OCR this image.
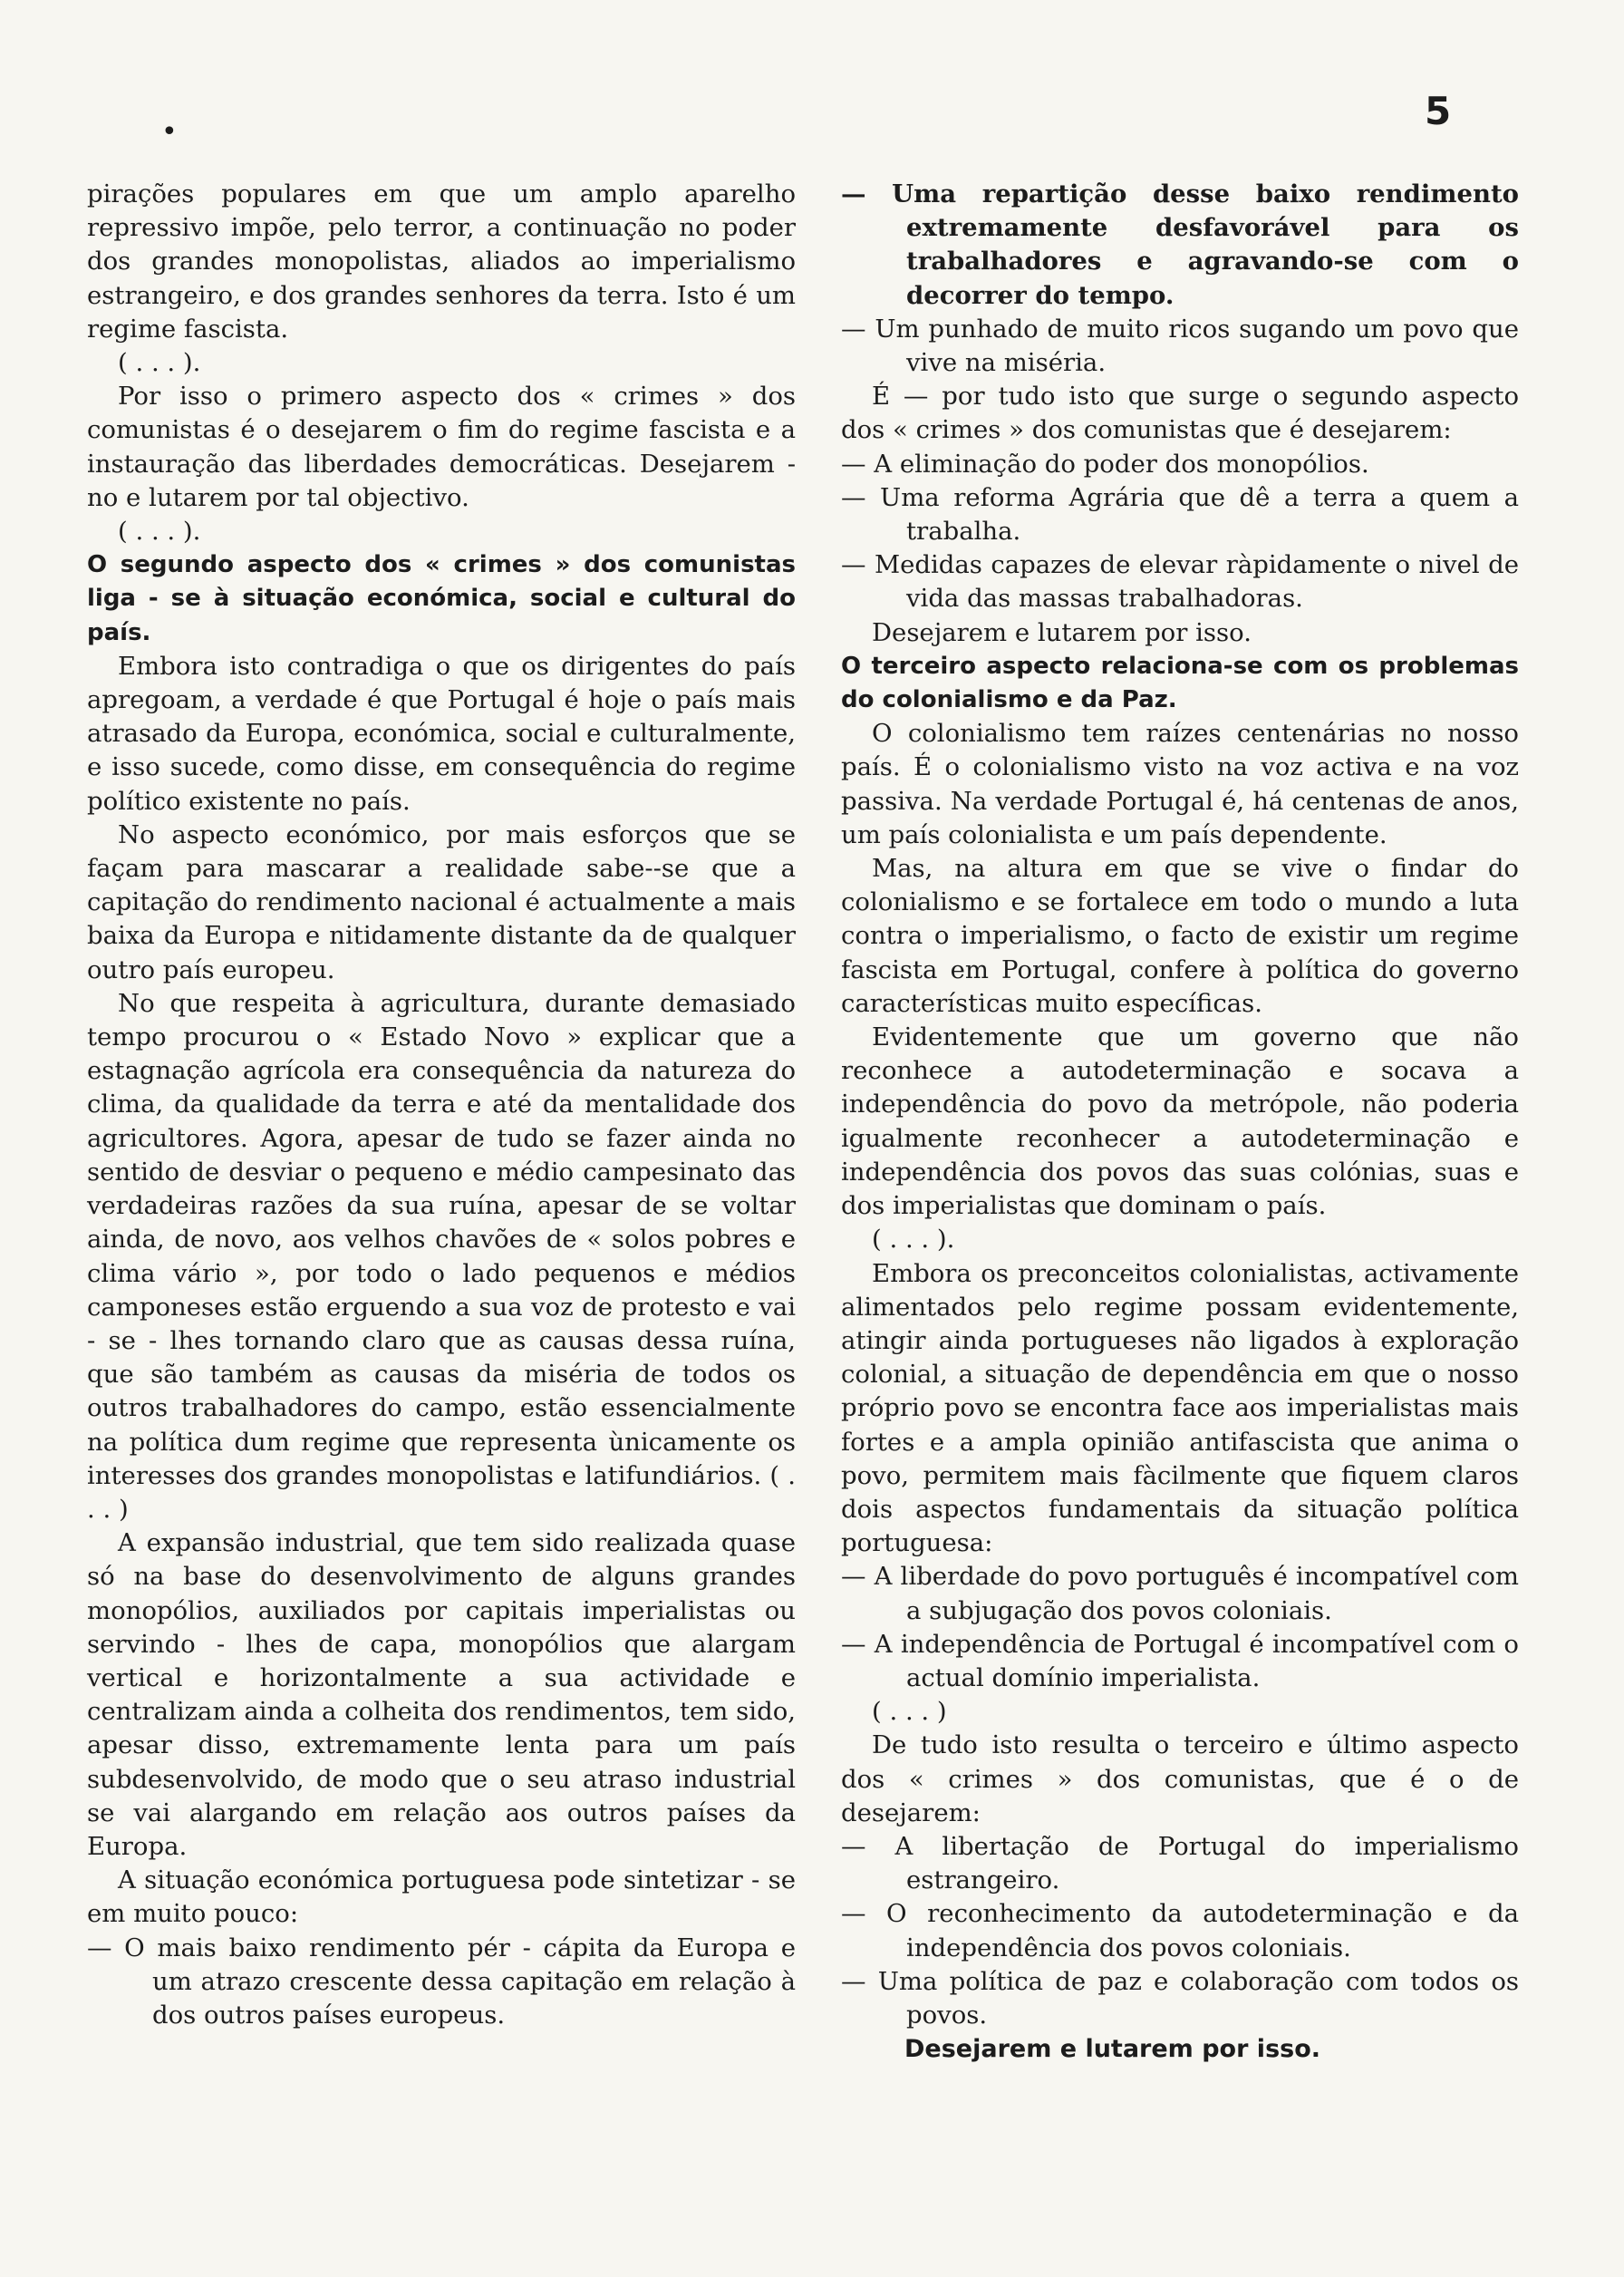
•	5

pirações populares em que um amplo aparelho repressivo impõe, pelo terror, a continuação no poder dos grandes monopolistas, aliados ao imperialismo estrangeiro, e dos grandes senhores da terra. Isto é um regime fascista.

( . . . ).

Por isso o primero aspecto dos « crimes » dos comunistas é o desejarem o fim do regime fascista e a instauração das liberdades democráticas. Desejarem - no e lutarem por tal objectivo.

( . . . ).

O segundo aspecto dos « crimes » dos comunistas liga - se à situação económica, social e cultural do país.

Embora isto contradiga o que os dirigentes do país apregoam, a verdade é que Portugal é hoje o país mais atrasado da Europa, económica, social e culturalmente, e isso sucede, como disse, em consequência do regime político existente no país.

No aspecto económico, por mais esforços que se façam para mascarar a realidade sabe--se que a capitação do rendimento nacional é actualmente a mais baixa da Europa e nitidamente distante da de qualquer outro país europeu.

No que respeita à agricultura, durante demasiado tempo procurou o « Estado Novo » explicar que a estagnação agrícola era consequência da natureza do clima, da qualidade da terra e até da mentalidade dos agricultores. Agora, apesar de tudo se fazer ainda no sentido de desviar o pequeno e médio campesinato das verdadeiras razões da sua ruína, apesar de se voltar ainda, de novo, aos velhos chavões de « solos pobres e clima vário », por todo o lado pequenos e médios camponeses estão erguendo a sua voz de protesto e vai - se - lhes tornando claro que as causas dessa ruína, que são também as causas da miséria de todos os outros trabalhadores do campo, estão essencialmente na política dum regime que representa ùnicamente os interesses dos grandes monopolistas e latifundiários. ( . . . )

A expansão industrial, que tem sido realizada quase só na base do desenvolvimento de alguns grandes monopólios, auxiliados por capitais imperialistas ou servindo - lhes de capa, monopólios que alargam vertical e horizontalmente a sua actividade e centralizam ainda a colheita dos rendimentos, tem sido, apesar disso, extremamente lenta para um país subdesenvolvido, de modo que o seu atraso industrial se vai alargando em relação aos outros países da Europa.

A situação económica portuguesa pode sintetizar - se em muito pouco:

— O mais baixo rendimento pér - cápita da Europa e um atrazo crescente dessa capitação em relação à dos outros países europeus.

— Uma repartição desse baixo rendimento extremamente desfavorável para os trabalhadores e agravando-se com o decorrer do tempo.

— Um punhado de muito ricos sugando um povo que vive na miséria.

É — por tudo isto que surge o segundo aspecto dos « crimes » dos comunistas que é desejarem:

— A eliminação do poder dos monopólios.

— Uma reforma Agrária que dê a terra a quem a trabalha.

— Medidas capazes de elevar ràpidamente o nivel de vida das massas trabalhadoras.

Desejarem e lutarem por isso.

O terceiro aspecto relaciona-se com os problemas do colonialismo e da Paz.

O colonialismo tem raízes centenárias no nosso país. É o colonialismo visto na voz activa e na voz passiva. Na verdade Portugal é, há centenas de anos, um país colonialista e um país dependente.

Mas, na altura em que se vive o findar do colonialismo e se fortalece em todo o mundo a luta contra o imperialismo, o facto de existir um regime fascista em Portugal, confere à política do governo características muito específicas.

Evidentemente que um governo que não reconhece a autodeterminação e socava a independência do povo da metrópole, não poderia igualmente reconhecer a autodeterminação e independência dos povos das suas colónias, suas e dos imperialistas que dominam o país.

( . . . ).

Embora os preconceitos colonialistas, activamente alimentados pelo regime possam evidentemente, atingir ainda portugueses não ligados à exploração colonial, a situação de dependência em que o nosso próprio povo se encontra face aos imperialistas mais fortes e a ampla opinião antifascista que anima o povo, permitem mais fàcilmente que fiquem claros dois aspectos fundamentais da situação política portuguesa:

— A liberdade do povo português é incompatível com a subjugação dos povos coloniais.

— A independência de Portugal é incompatível com o actual domínio imperialista.

( . . . )

De tudo isto resulta o terceiro e último aspecto dos « crimes » dos comunistas, que é o de desejarem:

— A libertação de Portugal do imperialismo estrangeiro.

— O reconhecimento da autodeterminação e da independência dos povos coloniais.

— Uma política de paz e colaboração com todos os povos.

Desejarem e lutarem por isso.
